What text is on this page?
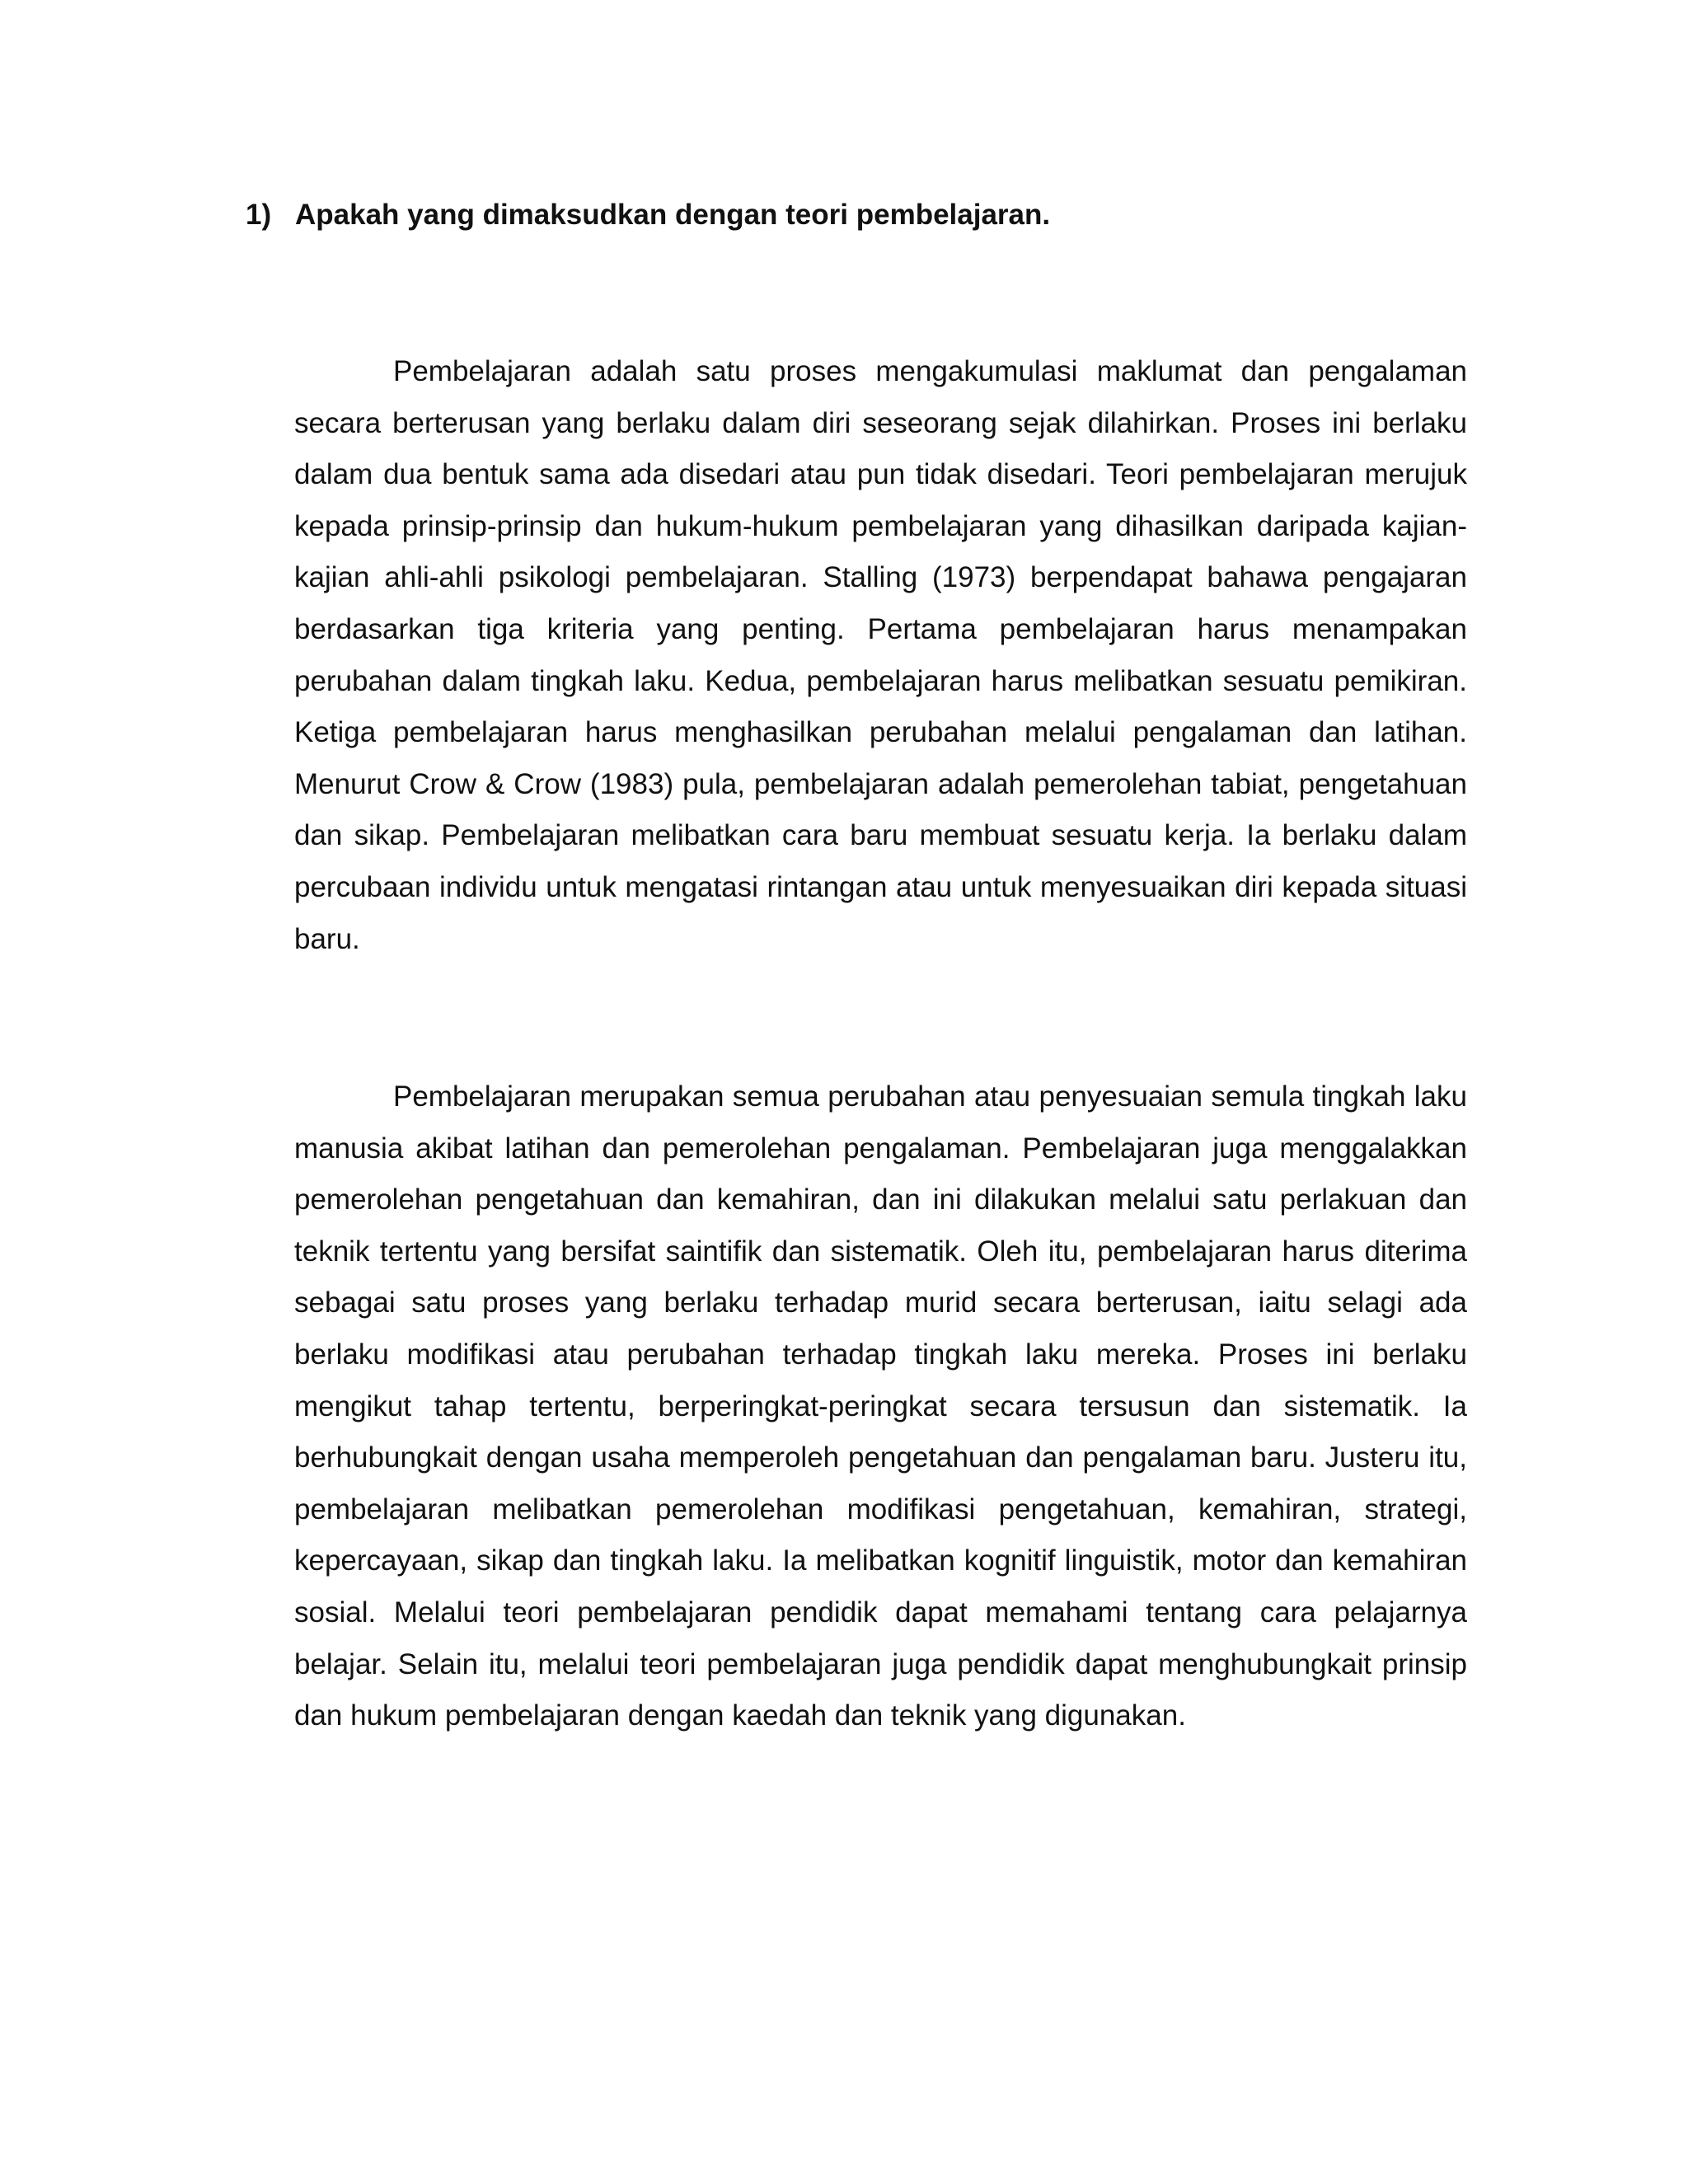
1) Apakah yang dimaksudkan dengan teori pembelajaran.

Pembelajaran adalah satu proses mengakumulasi maklumat dan pengalaman secara berterusan yang berlaku dalam diri seseorang sejak dilahirkan. Proses ini berlaku dalam dua bentuk sama ada disedari atau pun tidak disedari. Teori pembelajaran merujuk kepada prinsip-prinsip dan hukum-hukum pembelajaran yang dihasilkan daripada kajian-kajian ahli-ahli psikologi pembelajaran. Stalling (1973) berpendapat bahawa pengajaran berdasarkan tiga kriteria yang penting. Pertama pembelajaran harus menampakan perubahan dalam tingkah laku. Kedua, pembelajaran harus melibatkan sesuatu pemikiran. Ketiga pembelajaran harus menghasilkan perubahan melalui pengalaman dan latihan. Menurut Crow & Crow (1983) pula, pembelajaran adalah pemerolehan tabiat, pengetahuan dan sikap. Pembelajaran melibatkan cara baru membuat sesuatu kerja. Ia berlaku dalam percubaan individu untuk mengatasi rintangan atau untuk menyesuaikan diri kepada situasi baru.

Pembelajaran merupakan semua perubahan atau penyesuaian semula tingkah laku manusia akibat latihan dan pemerolehan pengalaman. Pembelajaran juga menggalakkan pemerolehan pengetahuan dan kemahiran, dan ini dilakukan melalui satu perlakuan dan teknik tertentu yang bersifat saintifik dan sistematik. Oleh itu, pembelajaran harus diterima sebagai satu proses yang berlaku terhadap murid secara berterusan, iaitu selagi ada berlaku modifikasi atau perubahan terhadap tingkah laku mereka. Proses ini berlaku mengikut tahap tertentu, berperingkat-peringkat secara tersusun dan sistematik. Ia berhubungkait dengan usaha memperoleh pengetahuan dan pengalaman baru. Justeru itu, pembelajaran melibatkan pemerolehan modifikasi pengetahuan, kemahiran, strategi, kepercayaan, sikap dan tingkah laku. Ia melibatkan kognitif linguistik, motor dan kemahiran sosial. Melalui teori pembelajaran pendidik dapat memahami tentang cara pelajarnya belajar. Selain itu, melalui teori pembelajaran juga pendidik dapat menghubungkait prinsip dan hukum pembelajaran dengan kaedah dan teknik yang digunakan.
